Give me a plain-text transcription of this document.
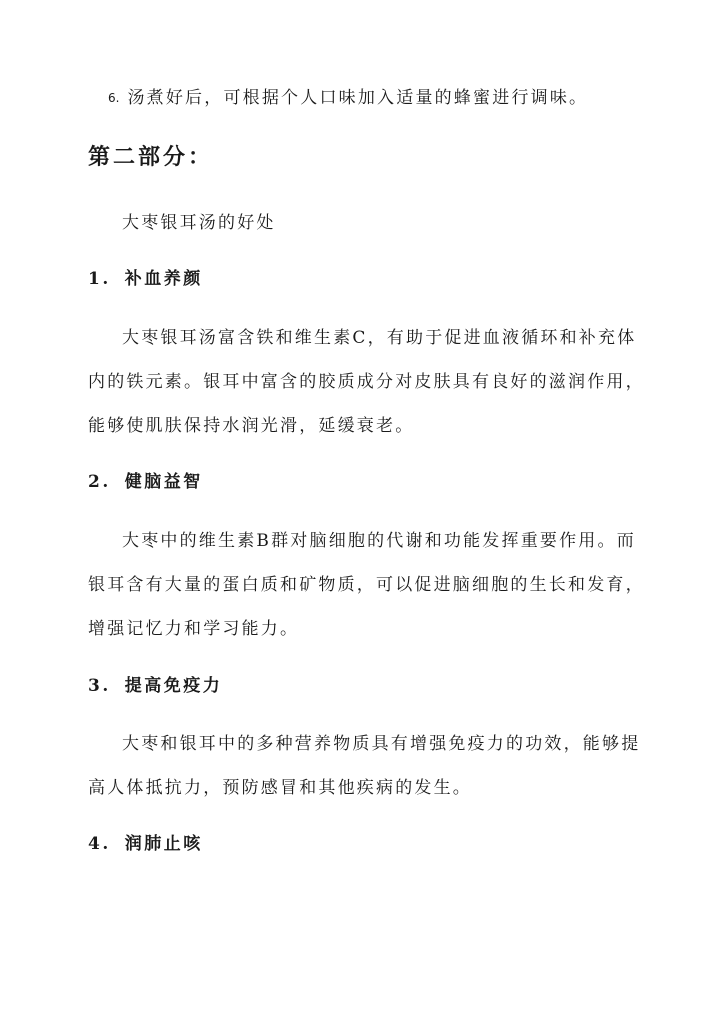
6. 汤煮好后，可根据个人口味加入适量的蜂蜜进行调味。
第二部分：
大枣银耳汤的好处
1. 补血养颜
大枣银耳汤富含铁和维生素C，有助于促进血液循环和补充体
内的铁元素。银耳中富含的胶质成分对皮肤具有良好的滋润作用，
能够使肌肤保持水润光滑，延缓衰老。
2. 健脑益智
大枣中的维生素B群对脑细胞的代谢和功能发挥重要作用。而
银耳含有大量的蛋白质和矿物质，可以促进脑细胞的生长和发育，
增强记忆力和学习能力。
3. 提高免疫力
大枣和银耳中的多种营养物质具有增强免疫力的功效，能够提
高人体抵抗力，预防感冒和其他疾病的发生。
4. 润肺止咳
